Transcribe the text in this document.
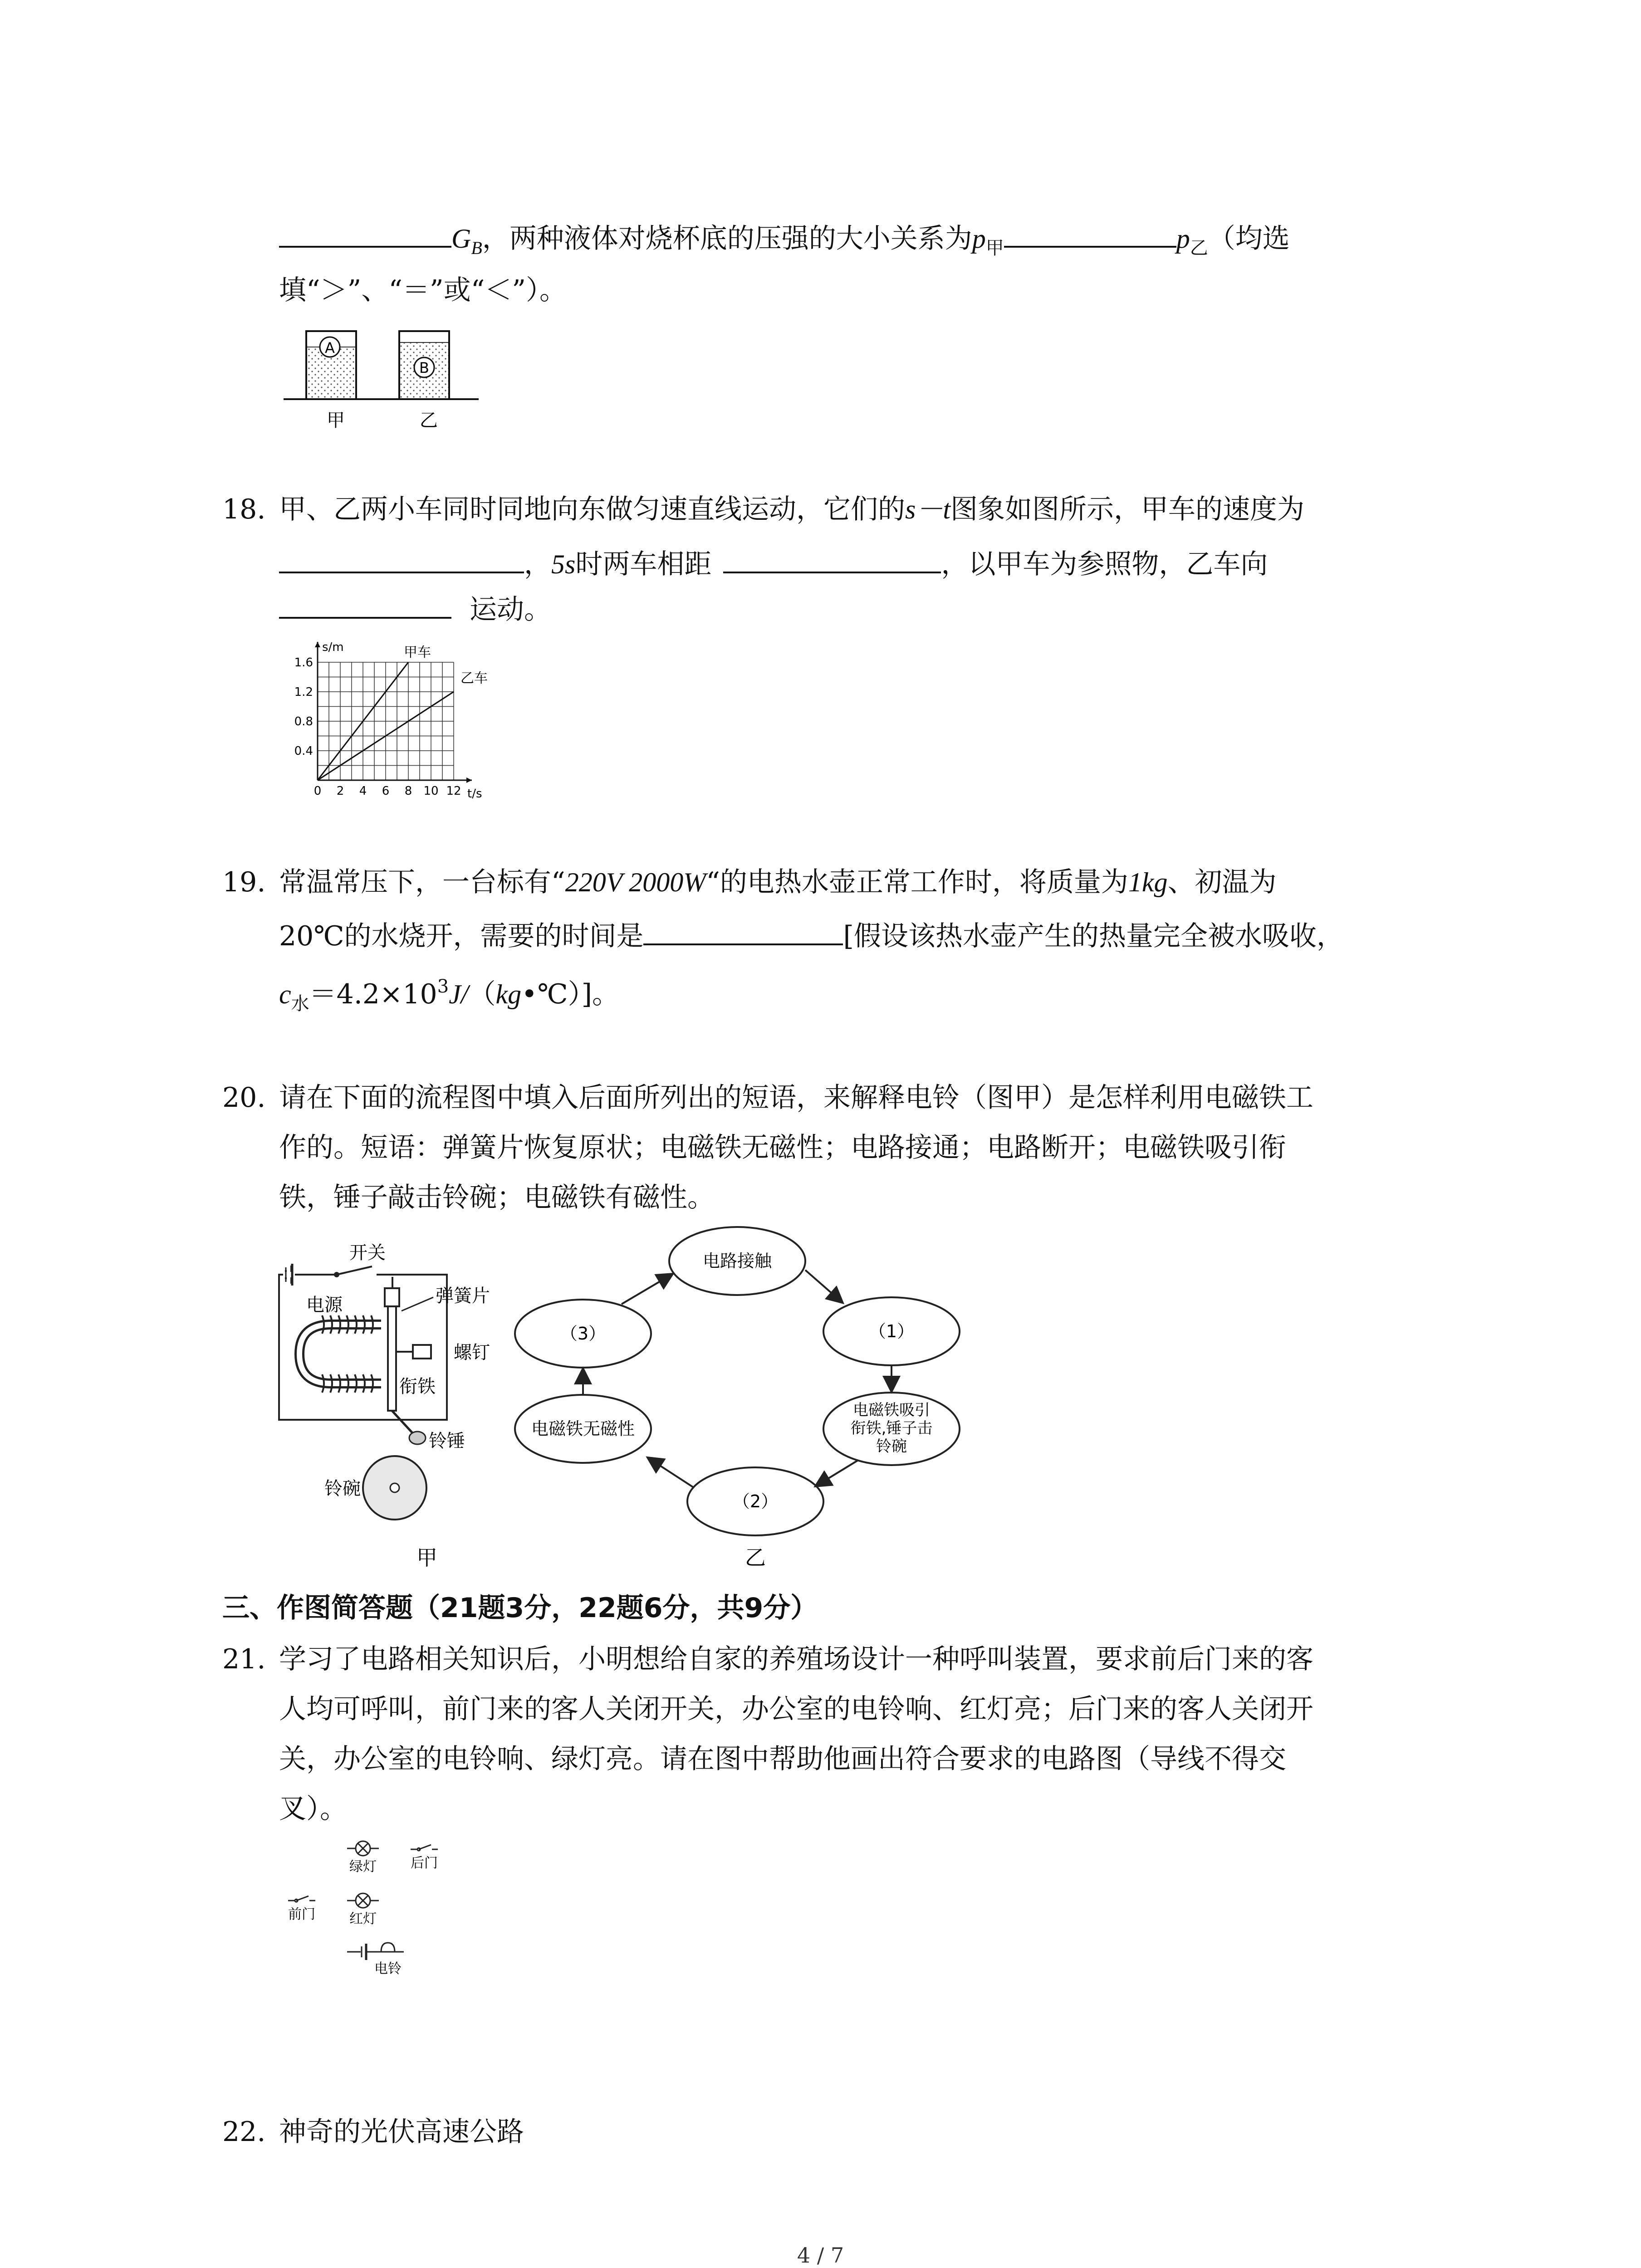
$G_B$，两种液体对烧杯底的压强的大小关系为$p_甲$	$p_乙$（均选
填“＞”、“＝”或“＜”）。
A
B
甲	乙
18. 甲、乙两小车同时同地向东做匀速直线运动，它们的s－t图象如图所示，甲车的速度为
，5s时两车相距	，以甲车为参照物，乙车向
运动。
0 2 4 6 8 10 12
0.4
0.8
1.2
1.6
s/m
t/s
甲车
乙车
19. 常温常压下，一台标有“220V 2000W“的电热水壶正常工作时，将质量为1kg、初温为
20℃的水烧开，需要的时间是	[假设该热水壶产生的热量完全被水吸收，
$c_水=4.2\times 10^3J/(kg•℃)$]。
20. 请在下面的流程图中填入后面所列出的短语，来解释电铃（图甲）是怎样利用电磁铁工
作的。短语：弹簧片恢复原状；电磁铁无磁性；电路接通；电路断开；电磁铁吸引衔
铁，锤子敲击铃碗；电磁铁有磁性。
开关
电源	弹簧片
螺钉
衔铁
铃锤
铃碗
甲
电路接触
（1）
电磁铁吸引
衔铁,锤子击
铃碗
（2）
电磁铁无磁性
（3）
乙
三、作图简答题（21题3分，22题6分，共9分）
21. 学习了电路相关知识后，小明想给自家的养殖场设计一种呼叫装置，要求前后门来的客
人均可呼叫，前门来的客人关闭开关，办公室的电铃响、红灯亮；后门来的客人关闭开
关，办公室的电铃响、绿灯亮。请在图中帮助他画出符合要求的电路图（导线不得交
叉）。
绿灯	后门
前门	红灯
电铃
22. 神奇的光伏高速公路
4 / 7
